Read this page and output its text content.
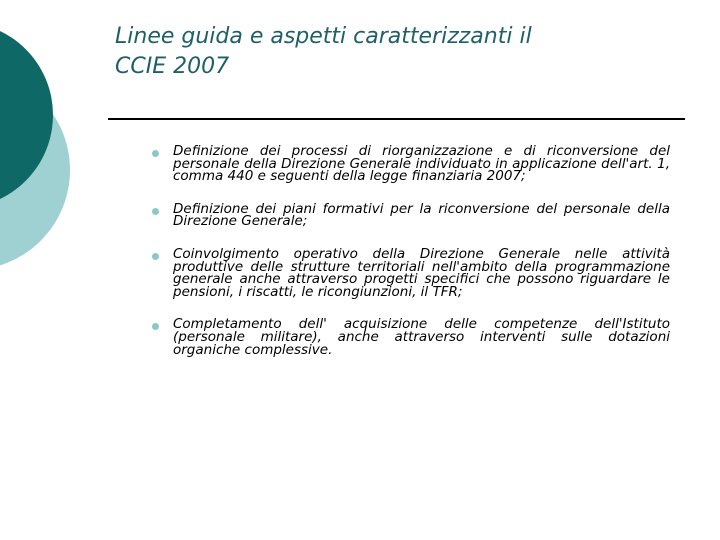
Linee guida e aspetti caratterizzanti il
CCIE 2007
Definizione dei processi di riorganizzazione e di riconversione del personale della Direzione Generale individuato in applicazione dell'art. 1, comma 440 e seguenti della legge finanziaria 2007;
Definizione dei piani formativi per la riconversione del personale della Direzione Generale;
Coinvolgimento operativo della Direzione Generale nelle attività produttive delle strutture territoriali nell'ambito della programmazione generale anche attraverso progetti specifici che possono riguardare le pensioni, i riscatti, le ricongiunzioni, il TFR;
Completamento dell' acquisizione delle competenze dell'Istituto (personale militare), anche attraverso interventi sulle dotazioni organiche complessive.
